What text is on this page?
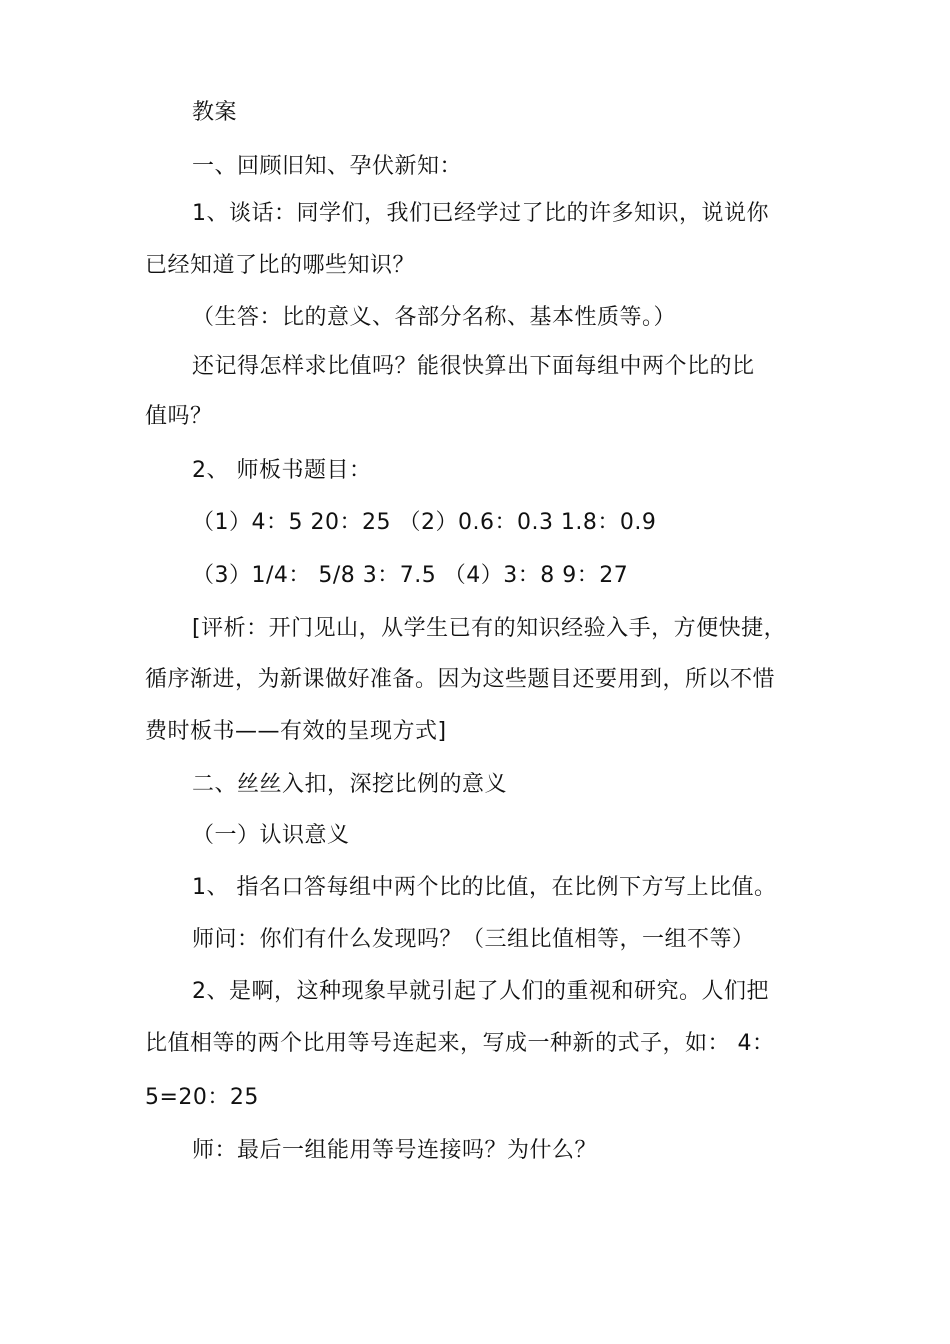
教案
一、回顾旧知、孕伏新知：
1、谈话：同学们，我们已经学过了比的许多知识，说说你
已经知道了比的哪些知识？
（生答：比的意义、各部分名称、基本性质等。）
还记得怎样求比值吗？能很快算出下面每组中两个比的比
值吗？
2、 师板书题目：
（1）4：5 20：25 （2）0.6：0.3 1.8：0.9
（3）1/4： 5/8 3：7.5 （4）3：8 9：27
[评析：开门见山，从学生已有的知识经验入手，方便快捷，
循序渐进，为新课做好准备。因为这些题目还要用到，所以不惜
费时板书——有效的呈现方式]
二、丝丝入扣，深挖比例的意义
（一）认识意义
1、 指名口答每组中两个比的比值，在比例下方写上比值。
师问：你们有什么发现吗？（三组比值相等，一组不等）
2、是啊，这种现象早就引起了人们的重视和研究。人们把
比值相等的两个比用等号连起来，写成一种新的式子，如： 4：
5=20：25
师：最后一组能用等号连接吗？为什么？
